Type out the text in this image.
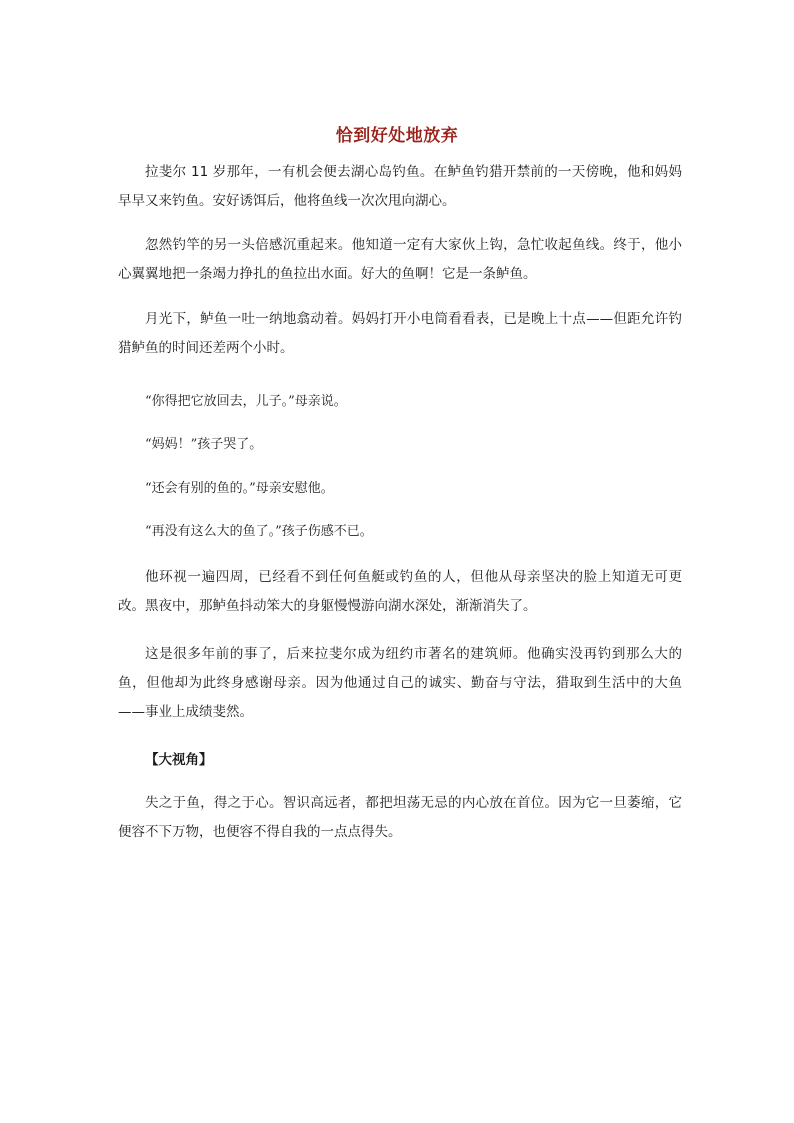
恰到好处地放弃

拉斐尔 11 岁那年，一有机会便去湖心岛钓鱼。在鲈鱼钓猎开禁前的一天傍晚，他和妈妈早早又来钓鱼。安好诱饵后，他将鱼线一次次甩向湖心。

忽然钓竿的另一头倍感沉重起来。他知道一定有大家伙上钩，急忙收起鱼线。终于，他小心翼翼地把一条竭力挣扎的鱼拉出水面。好大的鱼啊！它是一条鲈鱼。

月光下，鲈鱼一吐一纳地翕动着。妈妈打开小电筒看看表，已是晚上十点——但距允许钓猎鲈鱼的时间还差两个小时。

“你得把它放回去，儿子。”母亲说。

“妈妈！”孩子哭了。

“还会有别的鱼的。”母亲安慰他。

“再没有这么大的鱼了。”孩子伤感不已。

他环视一遍四周，已经看不到任何鱼艇或钓鱼的人，但他从母亲坚决的脸上知道无可更改。黑夜中，那鲈鱼抖动笨大的身躯慢慢游向湖水深处，渐渐消失了。

这是很多年前的事了，后来拉斐尔成为纽约市著名的建筑师。他确实没再钓到那么大的鱼，但他却为此终身感谢母亲。因为他通过自己的诚实、勤奋与守法，猎取到生活中的大鱼——事业上成绩斐然。

【大视角】

失之于鱼，得之于心。智识高远者，都把坦荡无忌的内心放在首位。因为它一旦萎缩，它便容不下万物，也便容不得自我的一点点得失。
